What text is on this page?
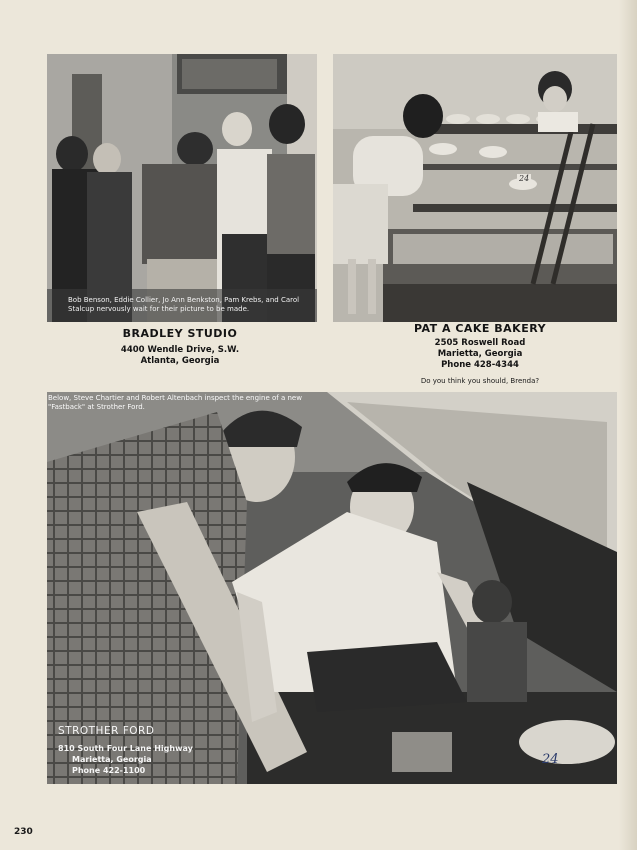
Bob Benson, Eddie Collier, Jo Ann Benkston, Pam Krebs, and Carol Stalcup nervously wait for their picture to be made.
BRADLEY STUDIO
4400 Wendle Drive, S.W.
Atlanta, Georgia
PAT A CAKE BAKERY
2505 Roswell Road
Marietta, Georgia
Phone 428-4344
Do you think you should, Brenda?
Below, Steve Chartier and Robert Altenbach inspect the engine of a new "Fastback" at Strother Ford.
STROTHER FORD
810 South Four Lane Highway
Marietta, Georgia
Phone 422-1100
24
24
230
